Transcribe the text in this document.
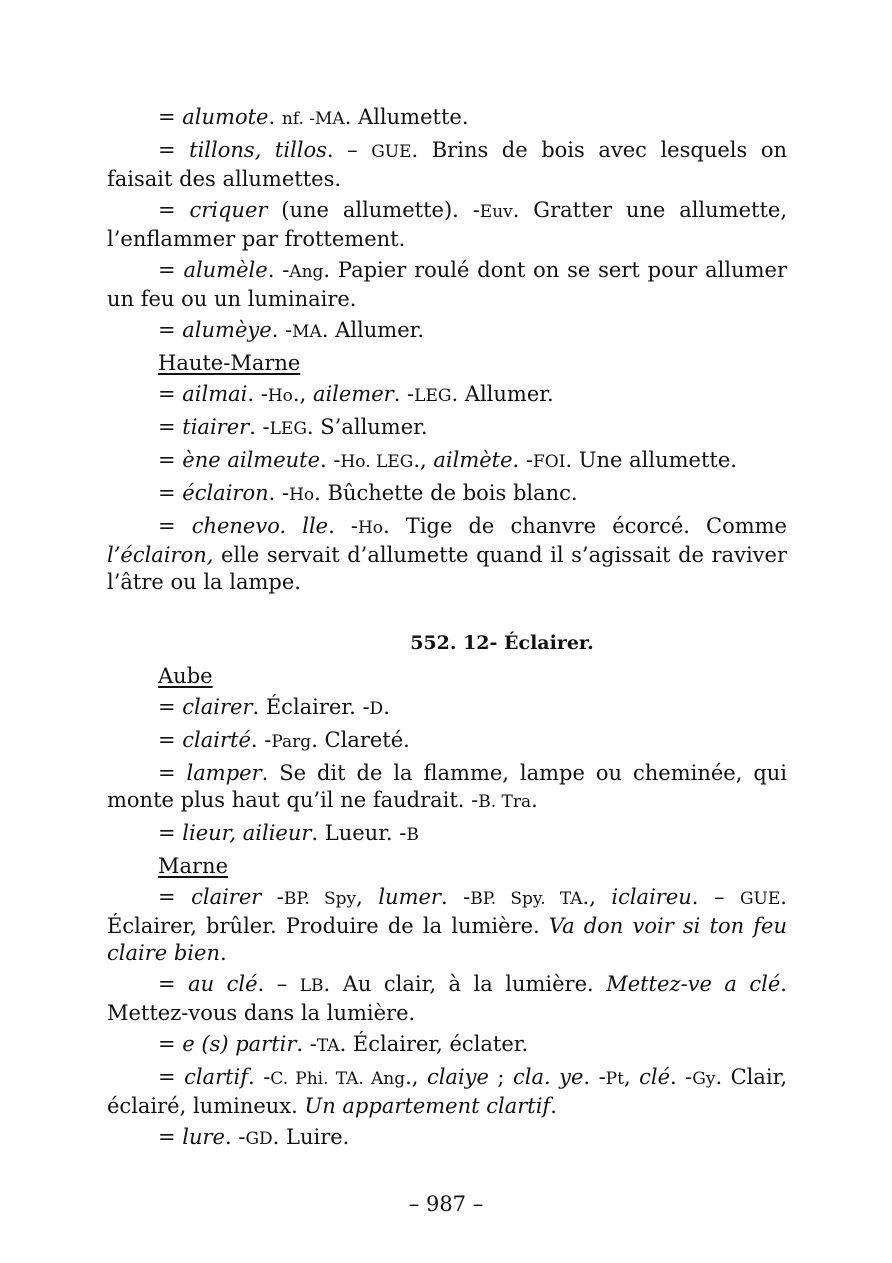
= alumote. nf. -MA. Allumette.

= tillons, tillos. – GUE. Brins de bois avec lesquels on faisait des allumettes.

= criquer (une allumette). -Euv. Gratter une allumette, l’enflammer par frottement.

= alumèle. -Ang. Papier roulé dont on se sert pour allumer un feu ou un luminaire.

= alumèye. -MA. Allumer.

Haute-Marne

= ailmai. -Ho., ailemer. -LEG. Allumer.

= tiairer. -LEG. S’allumer.

= ène ailmeute. -Ho. LEG., ailmète. -FOI. Une allumette.

= éclairon. -Ho. Bûchette de bois blanc.

= chenevo. lle. -Ho. Tige de chanvre écorcé. Comme l’éclairon, elle servait d’allumette quand il s’agissait de raviver l’âtre ou la lampe.

552. 12- Éclairer.
Aube

= clairer. Éclairer. -D.

= clairté. -Parg. Clareté.

= lamper. Se dit de la flamme, lampe ou cheminée, qui monte plus haut qu’il ne faudrait. -B. Tra.

= lieur, ailieur. Lueur. -B

Marne

= clairer -BP. Spy, lumer. -BP. Spy. TA., iclaireu. – GUE. Éclairer, brûler. Produire de la lumière. Va don voir si ton feu claire bien.

= au clé. – LB. Au clair, à la lumière. Mettez-ve a clé. Mettez-vous dans la lumière.

= e (s) partir. -TA. Éclairer, éclater.

= clartif. -C. Phi. TA. Ang., claiye ; cla. ye. -Pt, clé. -Gy. Clair, éclairé, lumineux. Un appartement clartif.

= lure. -GD. Luire.

– 987 –
